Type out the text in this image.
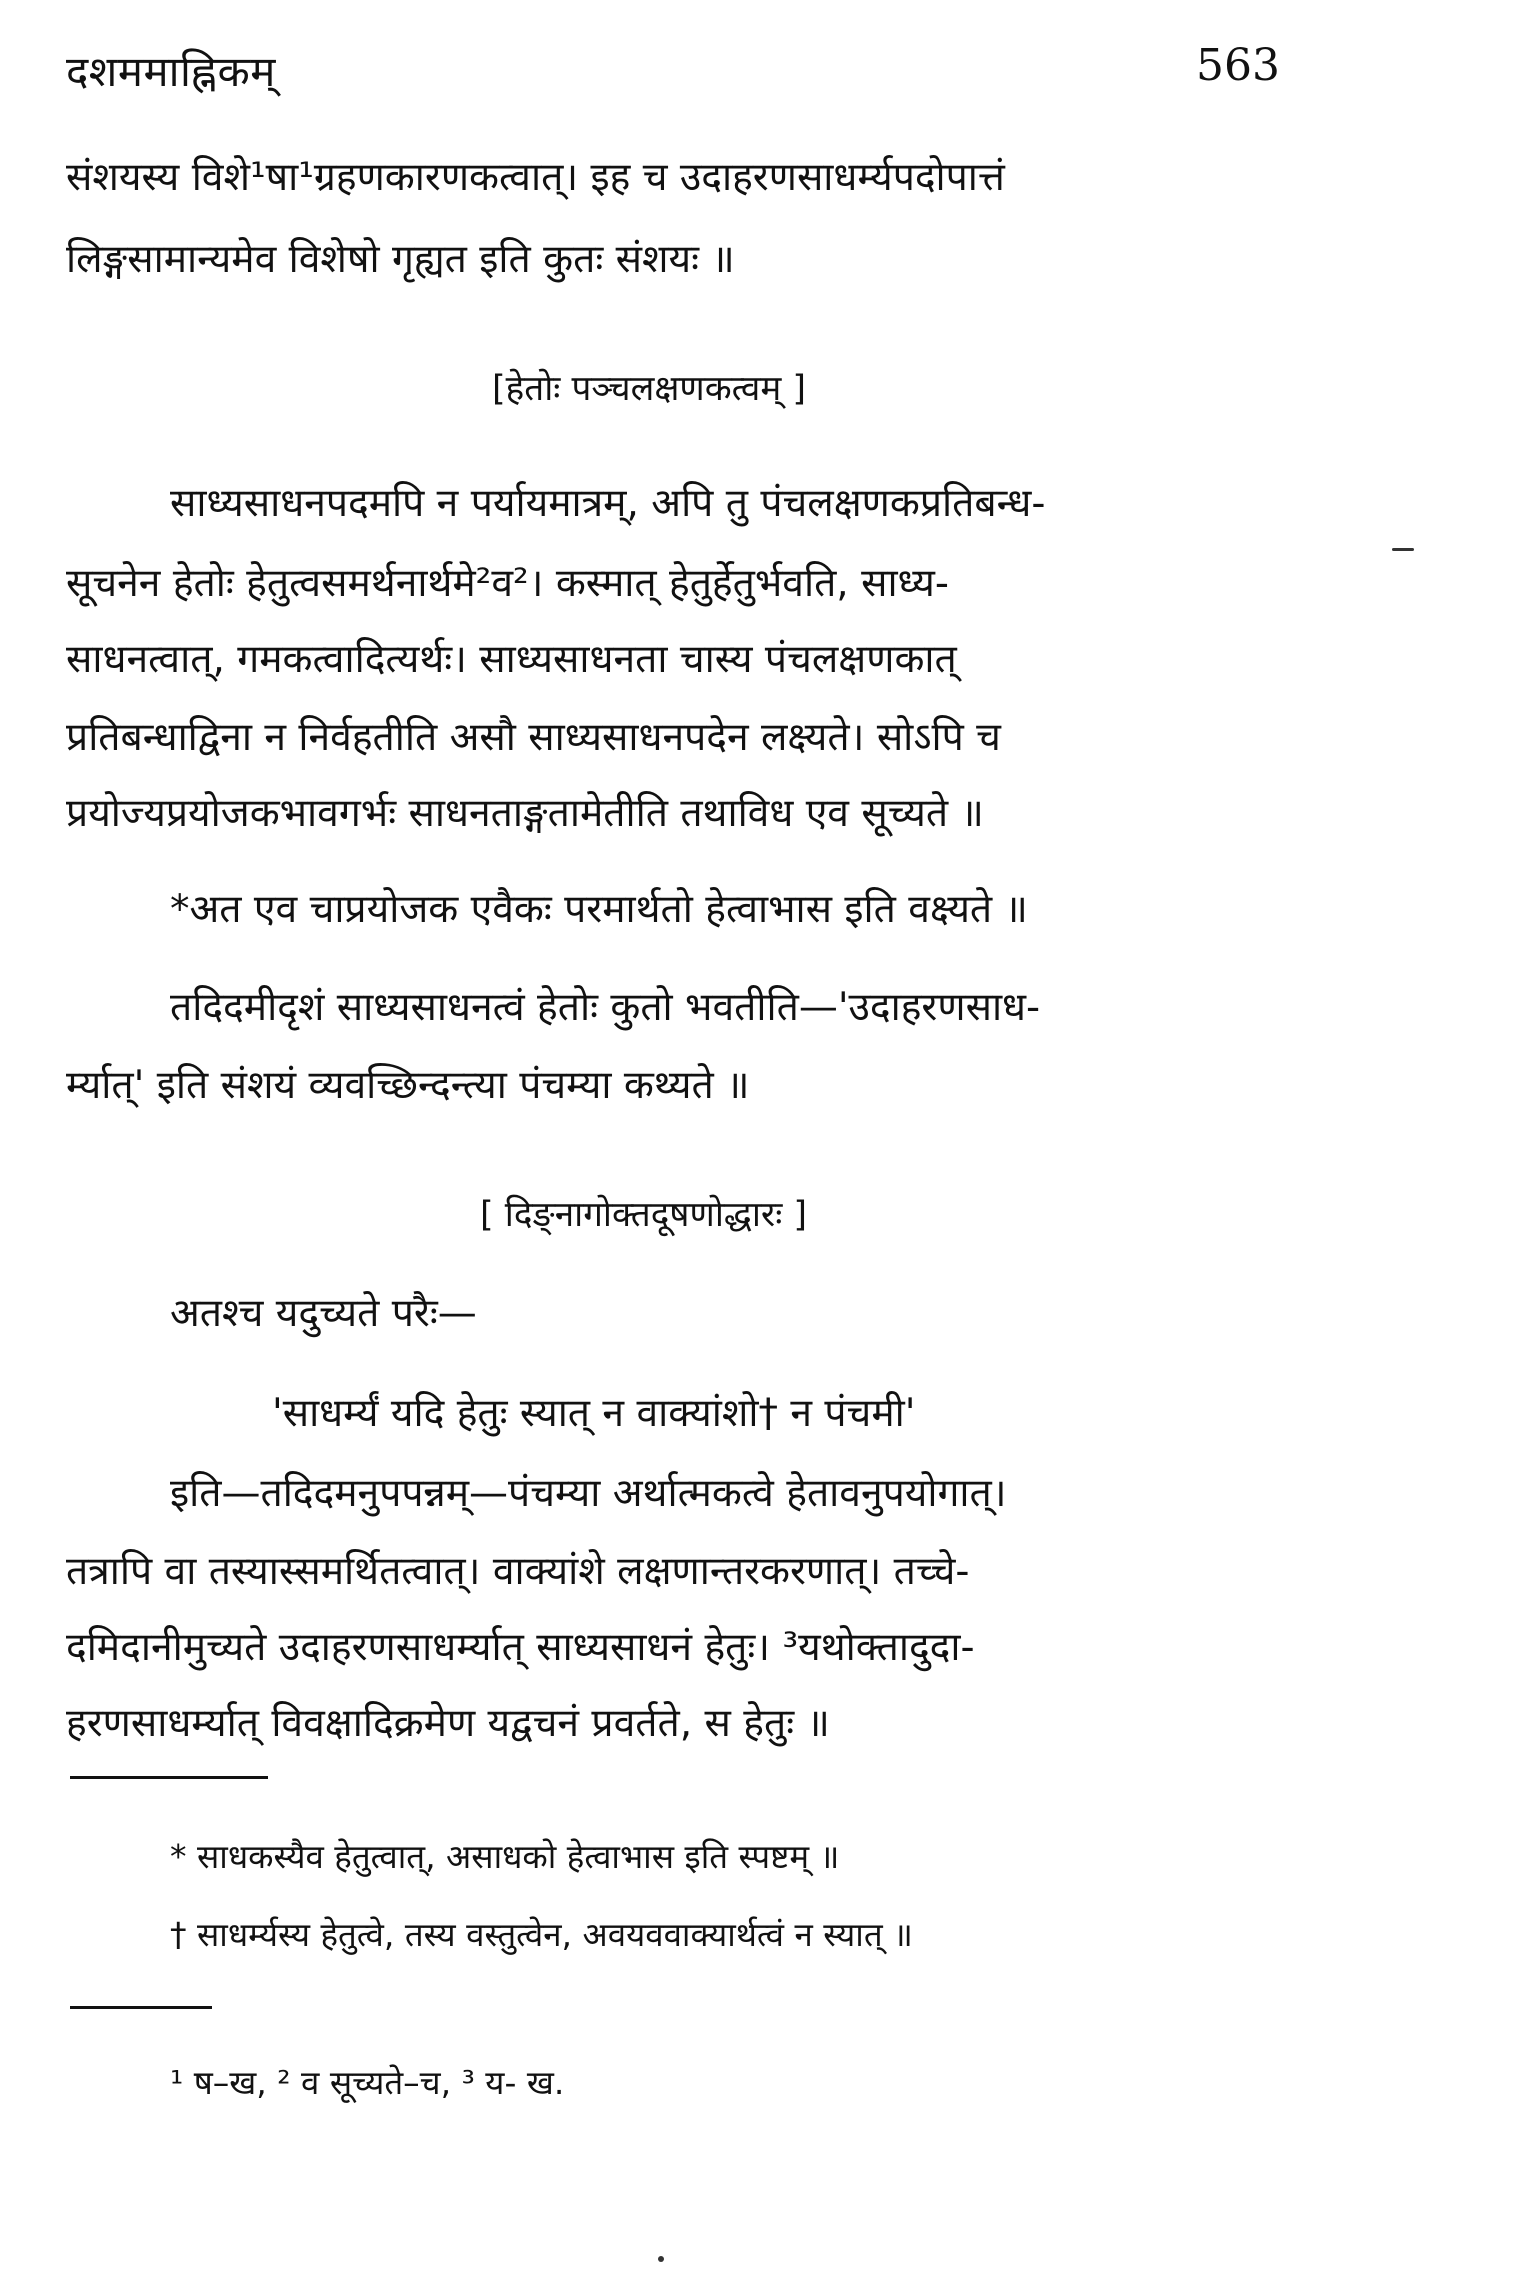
दशममाह्निकम्	563
संशयस्य विशे¹षा¹ग्रहणकारणकत्वात्। इह च उदाहरणसाधर्म्यपदोपात्तं
लिङ्गसामान्यमेव विशेषो गृह्यत इति कुतः संशयः ॥
[हेतोः पञ्चलक्षणकत्वम् ]
साध्यसाधनपदमपि न पर्यायमात्रम्, अपि तु पंचलक्षणकप्रतिबन्ध-
सूचनेन हेतोः हेतुत्वसमर्थनार्थमे²व²। कस्मात् हेतुर्हेतुर्भवति, साध्य-
साधनत्वात्, गमकत्वादित्यर्थः। साध्यसाधनता चास्य पंचलक्षणकात्
प्रतिबन्धाद्विना न निर्वहतीति असौ साध्यसाधनपदेन लक्ष्यते। सोऽपि च
प्रयोज्यप्रयोजकभावगर्भः साधनताङ्गतामेतीति तथाविध एव सूच्यते ॥
*अत एव चाप्रयोजक एवैकः परमार्थतो हेत्वाभास इति वक्ष्यते ॥
तदिदमीदृशं साध्यसाधनत्वं हेतोः कुतो भवतीति—'उदाहरणसाध-
र्म्यात्' इति संशयं व्यवच्छिन्दन्त्या पंचम्या कथ्यते ॥
[ दिङ्नागोक्तदूषणोद्धारः ]
अतश्च यदुच्यते परैः—
'साधर्म्यं यदि हेतुः स्यात् न वाक्यांशो† न पंचमी'
इति—तदिदमनुपपन्नम्—पंचम्या अर्थात्मकत्वे हेतावनुपयोगात्।
तत्रापि वा तस्यास्समर्थितत्वात्। वाक्यांशे लक्षणान्तरकरणात्। तच्चे-
दमिदानीमुच्यते उदाहरणसाधर्म्यात् साध्यसाधनं हेतुः। ³यथोक्तादुदा-
हरणसाधर्म्यात् विवक्षादिक्रमेण यद्वचनं प्रवर्तते, स हेतुः ॥
* साधकस्यैव हेतुत्वात्, असाधको हेत्वाभास इति स्पष्टम् ॥
† साधर्म्यस्य हेतुत्वे, तस्य वस्तुत्वेन, अवयववाक्यार्थत्वं न स्यात् ॥
¹ ष–ख, ² व सूच्यते–च, ³ य- ख.
